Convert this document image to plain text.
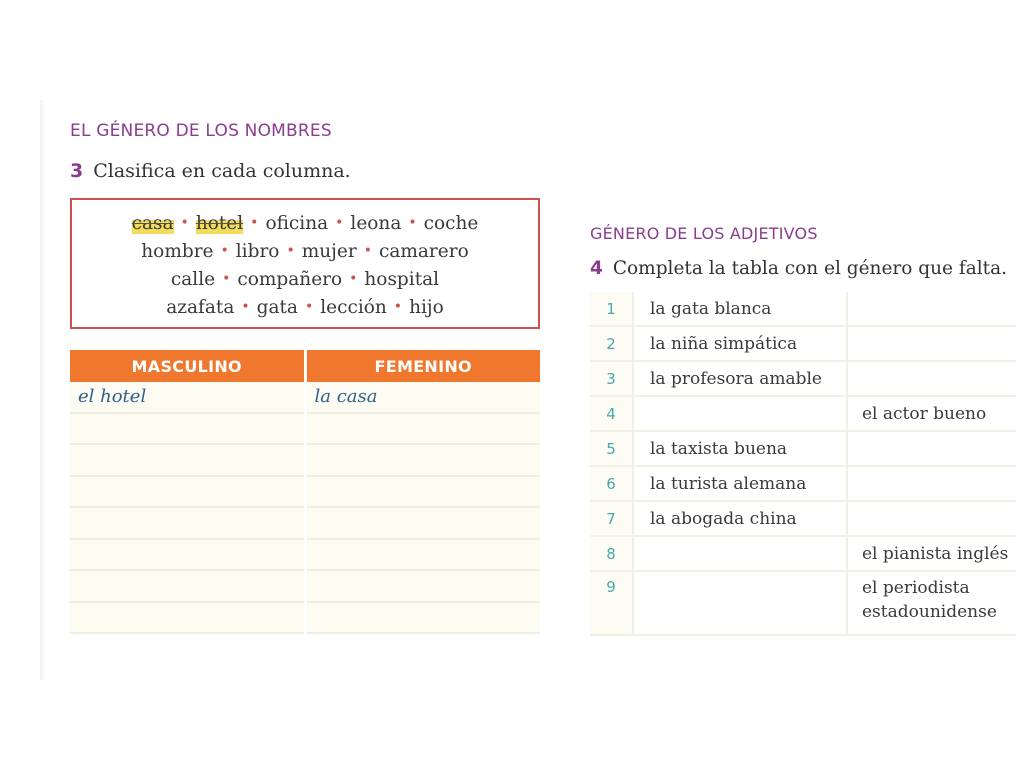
EL GÉNERO DE LOS NOMBRES
3 Clasifica en cada columna.
casa • hotel • oficina • leona • coche
hombre • libro • mujer • camarero
calle • compañero • hospital
azafata • gata • lección • hijo
MASCULINO	FEMENINO
el hotel	la casa

GÉNERO DE LOS ADJETIVOS
4 Completa la tabla con el género que falta.
1	la gata blanca	
2	la niña simpática	
3	la profesora amable	
4		el actor bueno
5	la taxista buena	
6	la turista alemana	
7	la abogada china	
8		el pianista inglés
9		el periodista estadounidense
